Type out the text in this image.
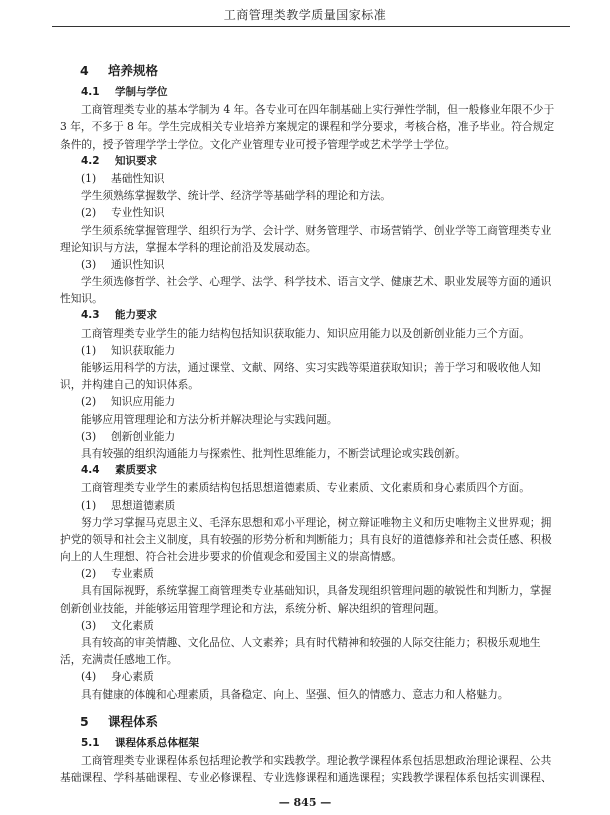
工商管理类教学质量国家标准
4 培养规格
4.1 学制与学位
工商管理类专业的基本学制为 4 年。各专业可在四年制基础上实行弹性学制，但一般修业年限不少于
3 年，不多于 8 年。学生完成相关专业培养方案规定的课程和学分要求，考核合格，准予毕业。符合规定
条件的，授予管理学学士学位。文化产业管理专业可授予管理学或艺术学学士学位。
4.2 知识要求
(1) 基础性知识
学生须熟练掌握数学、统计学、经济学等基础学科的理论和方法。
(2) 专业性知识
学生须系统掌握管理学、组织行为学、会计学、财务管理学、市场营销学、创业学等工商管理类专业
理论知识与方法，掌握本学科的理论前沿及发展动态。
(3) 通识性知识
学生须选修哲学、社会学、心理学、法学、科学技术、语言文学、健康艺术、职业发展等方面的通识
性知识。
4.3 能力要求
工商管理类专业学生的能力结构包括知识获取能力、知识应用能力以及创新创业能力三个方面。
(1) 知识获取能力
能够运用科学的方法，通过课堂、文献、网络、实习实践等渠道获取知识；善于学习和吸收他人知
识，并构建自己的知识体系。
(2) 知识应用能力
能够应用管理理论和方法分析并解决理论与实践问题。
(3) 创新创业能力
具有较强的组织沟通能力与探索性、批判性思维能力，不断尝试理论或实践创新。
4.4 素质要求
工商管理类专业学生的素质结构包括思想道德素质、专业素质、文化素质和身心素质四个方面。
(1) 思想道德素质
努力学习掌握马克思主义、毛泽东思想和邓小平理论，树立辩证唯物主义和历史唯物主义世界观；拥
护党的领导和社会主义制度，具有较强的形势分析和判断能力；具有良好的道德修养和社会责任感、积极
向上的人生理想、符合社会进步要求的价值观念和爱国主义的崇高情感。
(2) 专业素质
具有国际视野，系统掌握工商管理类专业基础知识，具备发现组织管理问题的敏锐性和判断力，掌握
创新创业技能，并能够运用管理学理论和方法，系统分析、解决组织的管理问题。
(3) 文化素质
具有较高的审美情趣、文化品位、人文素养；具有时代精神和较强的人际交往能力；积极乐观地生
活，充满责任感地工作。
(4) 身心素质
具有健康的体魄和心理素质，具备稳定、向上、坚强、恒久的情感力、意志力和人格魅力。
5 课程体系
5.1 课程体系总体框架
工商管理类专业课程体系包括理论教学和实践教学。理论教学课程体系包括思想政治理论课程、公共
基础课程、学科基础课程、专业必修课程、专业选修课程和通选课程；实践教学课程体系包括实训课程、
— 845 —
